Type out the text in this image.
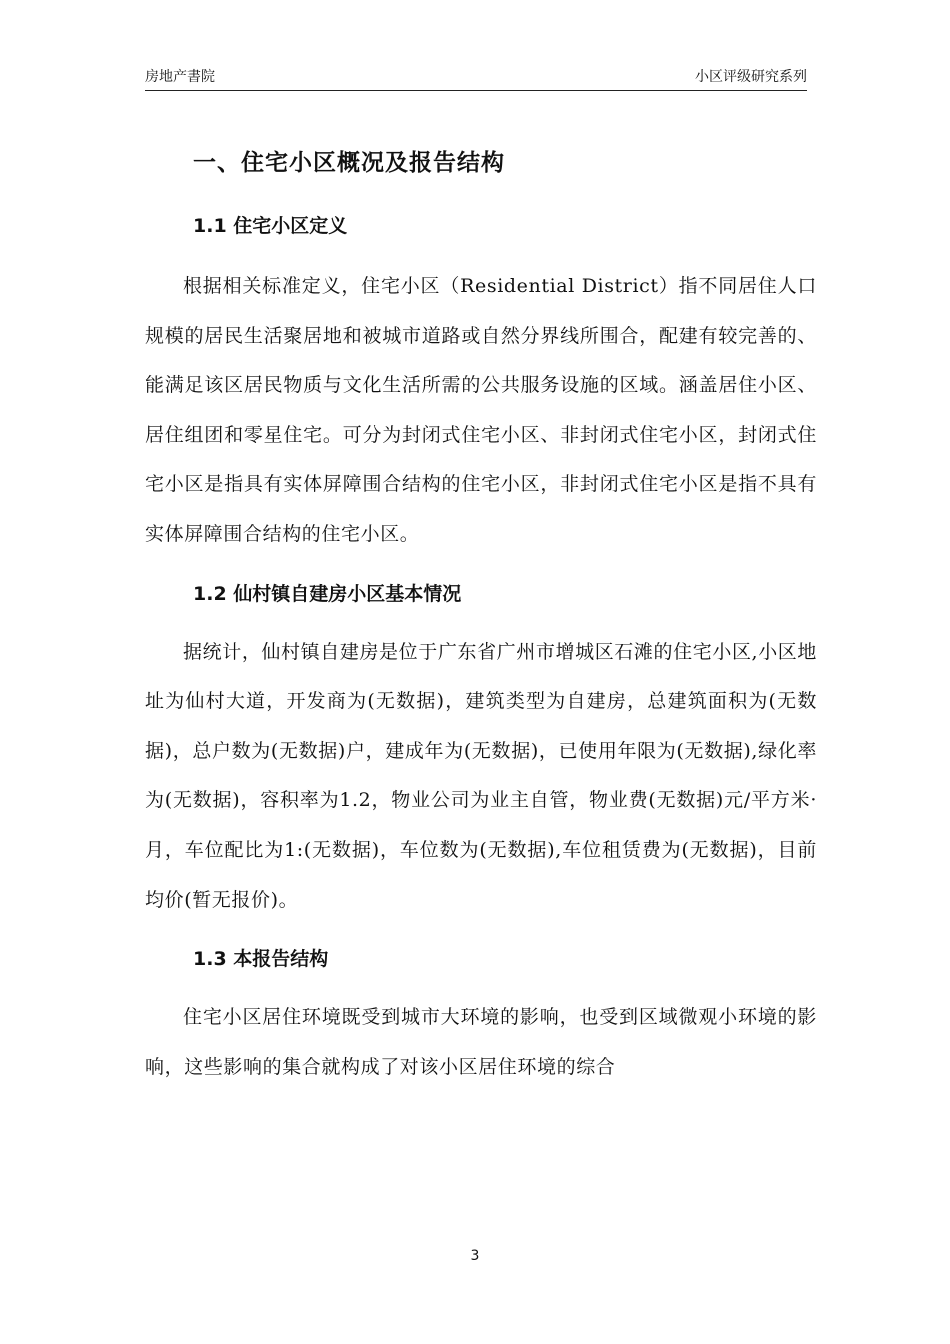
房地产書院	小区评级研究系列
一、住宅小区概况及报告结构
1.1 住宅小区定义

根据相关标准定义，住宅小区（Residential District）指不同居住人口规模的居民生活聚居地和被城市道路或自然分界线所围合，配建有较完善的、能满足该区居民物质与文化生活所需的公共服务设施的区域。涵盖居住小区、居住组团和零星住宅。可分为封闭式住宅小区、非封闭式住宅小区，封闭式住宅小区是指具有实体屏障围合结构的住宅小区，非封闭式住宅小区是指不具有实体屏障围合结构的住宅小区。

1.2 仙村镇自建房小区基本情况

据统计，仙村镇自建房是位于广东省广州市增城区石滩的住宅小区,小区地址为仙村大道，开发商为(无数据)，建筑类型为自建房，总建筑面积为(无数据)，总户数为(无数据)户，建成年为(无数据)，已使用年限为(无数据),绿化率为(无数据)，容积率为1.2，物业公司为业主自管，物业费(无数据)元/平方米·月，车位配比为1:(无数据)，车位数为(无数据),车位租赁费为(无数据)，目前均价(暂无报价)。

1.3 本报告结构

住宅小区居住环境既受到城市大环境的影响，也受到区域微观小环境的影响，这些影响的集合就构成了对该小区居住环境的综合

3
